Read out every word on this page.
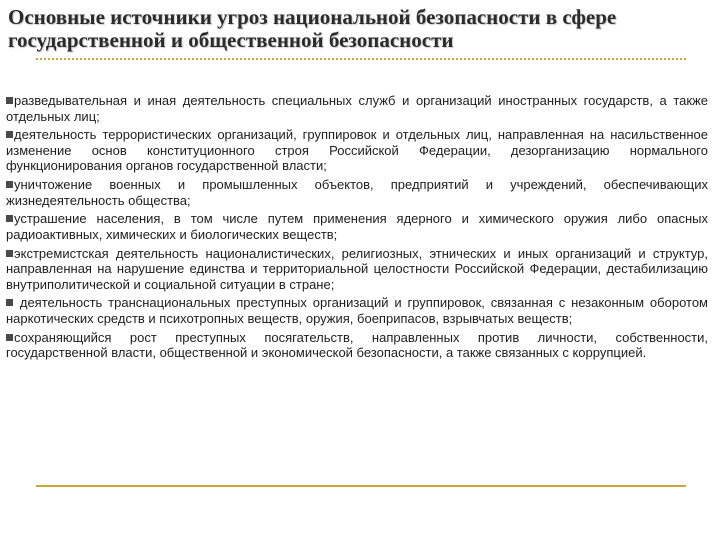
Основные источники угроз национальной безопасности в сфере государственной и общественной безопасности
разведывательная и иная деятельность специальных служб и организаций иностранных государств, а также отдельных лиц;
деятельность террористических организаций, группировок и отдельных лиц, направленная на насильственное изменение основ конституционного строя Российской Федерации, дезорганизацию нормального функционирования органов государственной власти;
уничтожение военных и промышленных объектов, предприятий и учреждений, обеспечивающих жизнедеятельность общества;
устрашение населения, в том числе путем применения ядерного и химического оружия либо опасных радиоактивных, химических и биологических веществ;
экстремистская деятельность националистических, религиозных, этнических и иных организаций и структур, направленная на нарушение единства и территориальной целостности Российской Федерации, дестабилизацию внутриполитической и социальной ситуации в стране;
деятельность транснациональных преступных организаций и группировок, связанная с незаконным оборотом наркотических средств и психотропных веществ, оружия, боеприпасов, взрывчатых веществ;
сохраняющийся рост преступных посягательств, направленных против личности, собственности, государственной власти, общественной и экономической безопасности, а также связанных с коррупцией.
